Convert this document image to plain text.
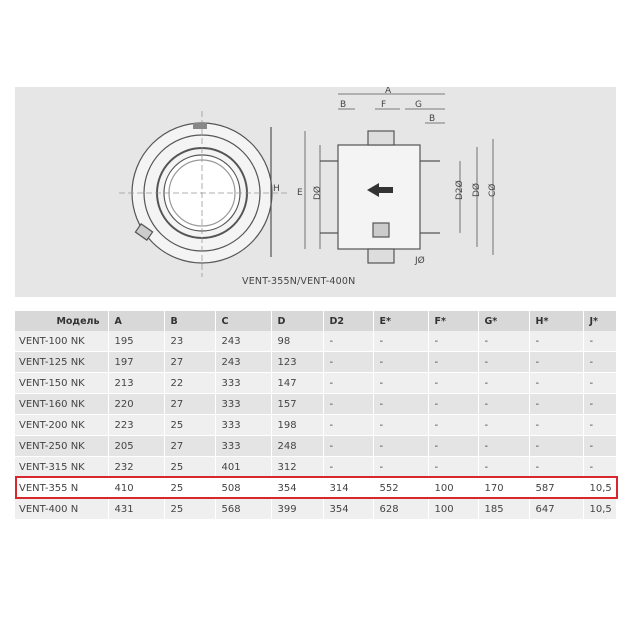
H
A
B	F	G
B
E DØ	D2Ø DØ CØ
JØ
VENT-355N/VENT-400N
Модель	A	B	C	D	D2	E*	F*	G*	H*	J*
VENT-100 NK	195	23	243	98	-	-	-	-	-	-
VENT-125 NK	197	27	243	123	-	-	-	-	-	-
VENT-150 NK	213	22	333	147	-	-	-	-	-	-
VENT-160 NK	220	27	333	157	-	-	-	-	-	-
VENT-200 NK	223	25	333	198	-	-	-	-	-	-
VENT-250 NK	205	27	333	248	-	-	-	-	-	-
VENT-315 NK	232	25	401	312	-	-	-	-	-	-
VENT-355 N	410	25	508	354	314	552	100	170	587	10,5
VENT-400 N	431	25	568	399	354	628	100	185	647	10,5
